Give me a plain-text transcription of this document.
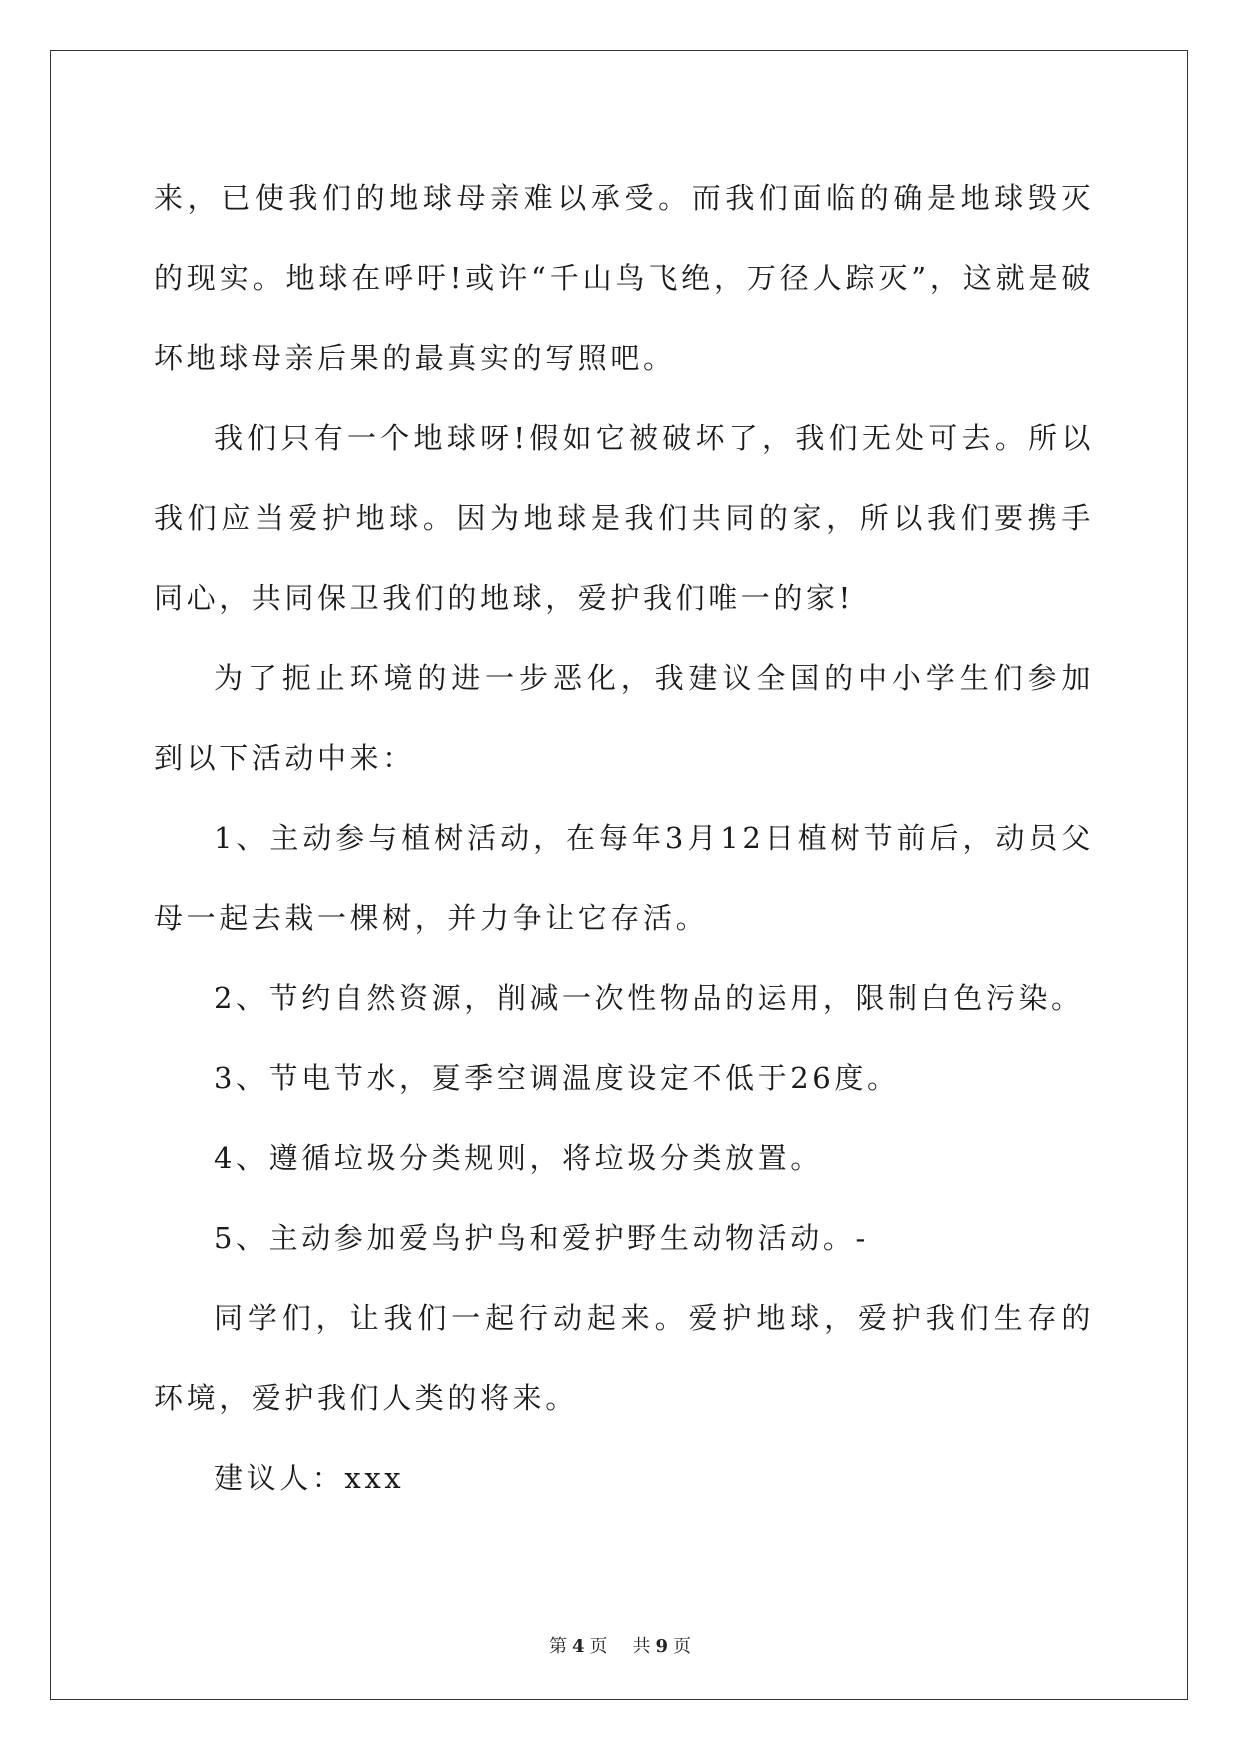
来，已使我们的地球母亲难以承受。而我们面临的确是地球毁灭的现实。地球在呼吁!或许“千山鸟飞绝，万径人踪灭”，这就是破坏地球母亲后果的最真实的写照吧。

我们只有一个地球呀!假如它被破坏了，我们无处可去。所以我们应当爱护地球。因为地球是我们共同的家，所以我们要携手同心，共同保卫我们的地球，爱护我们唯一的家!

为了扼止环境的进一步恶化，我建议全国的中小学生们参加到以下活动中来：

1、主动参与植树活动，在每年3月12日植树节前后，动员父母一起去栽一棵树，并力争让它存活。

2、节约自然资源，削减一次性物品的运用，限制白色污染。

3、节电节水，夏季空调温度设定不低于26度。

4、遵循垃圾分类规则，将垃圾分类放置。

5、主动参加爱鸟护鸟和爱护野生动物活动。-

同学们，让我们一起行动起来。爱护地球，爱护我们生存的环境，爱护我们人类的将来。

建议人：xxx

第 4 页 共 9 页
